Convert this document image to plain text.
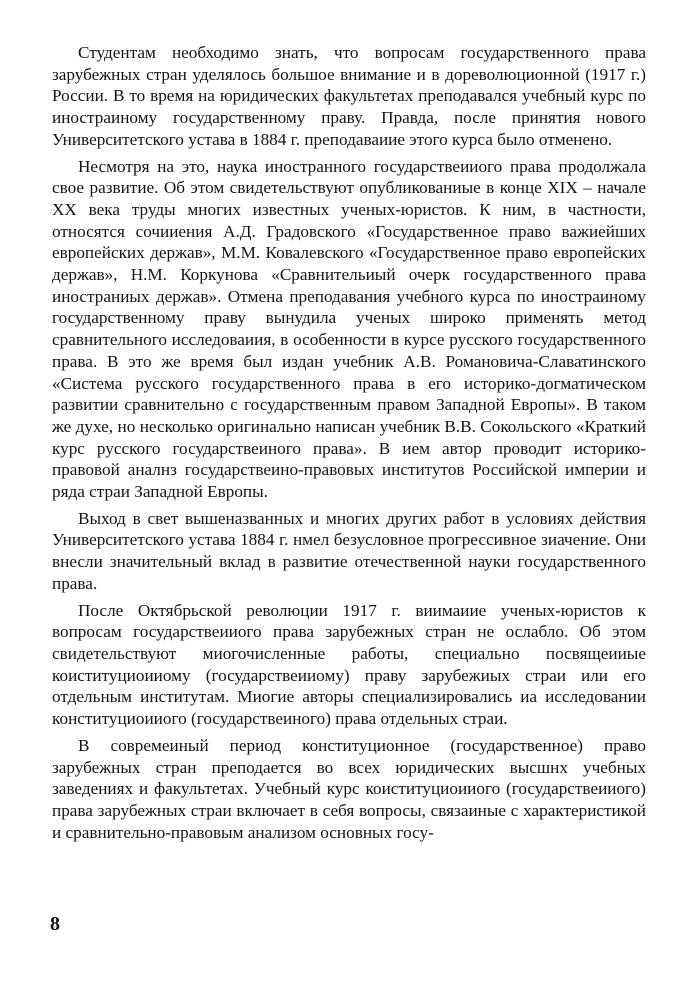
Студентам необходимо знать, что вопросам государственного права зарубежных стран уделялось большое внимание и в дореволюционной (1917 г.) России. В то время на юридических факультетах преподавался учебный курс по иностраиному государственному праву. Правда, после принятия нового Университетского устава в 1884 г. преподаваиие этого курса было отменено.

Несмотря на это, наука иностранного государствеииого права продолжала свое развитие. Об этом свидетельствуют опубликованиые в конце XIX – начале XX века труды многих известных ученых-юристов. К ним, в частности, относятся сочииения А.Д. Градовского «Государственное право важиейших европейских держав», М.М. Ковалевского «Государственное право европейских держав», Н.М. Коркунова «Сравнительиый очерк государственного права иностраниых держав». Отмена преподавания учебного курса по иностраиному государственному праву вынудила ученых широко применять метод сравнительного исследоваиия, в особенности в курсе русского государственного права. В это же время был издан учебник А.В. Романовича-Славатинского «Система русского государственного права в его историко-догматическом развитии сравнительно с государственным правом Западной Европы». В таком же духе, но несколько оригинально написан учебник В.В. Сокольского «Краткий курс русского государствеиного права». В ием автор проводит историко-правовой аналнз государствеино-правовых институтов Российской империи и ряда страи Западной Европы.

Выход в свет вышеназванных и многих других работ в условиях действия Университетского устава 1884 г. нмел безусловное прогрессивное зиачение. Они внесли значительный вклад в развитие отечественной науки государственного права.

После Октябрьской революции 1917 г. виимаиие ученых-юристов к вопросам государствеииого права зарубежных стран не ослабло. Об этом свидетельствуют миогочисленные работы, специально посвящеииые коиституциоииому (государствеииому) праву зарубежиых страи или его отдельным институтам. Миогие авторы специализировались иа исследовании конституциоииого (государствеиного) права отдельных страи.

В совремеиный период конституционное (государственное) право зарубежных стран преподается во всех юридических высшнх учебных заведениях и факультетах. Учебный курс коиституциоииого (государствеииого) права зарубежных страи включает в себя вопросы, связаиные с характеристикой и сравнительно-правовым анализом основных госу-

8
